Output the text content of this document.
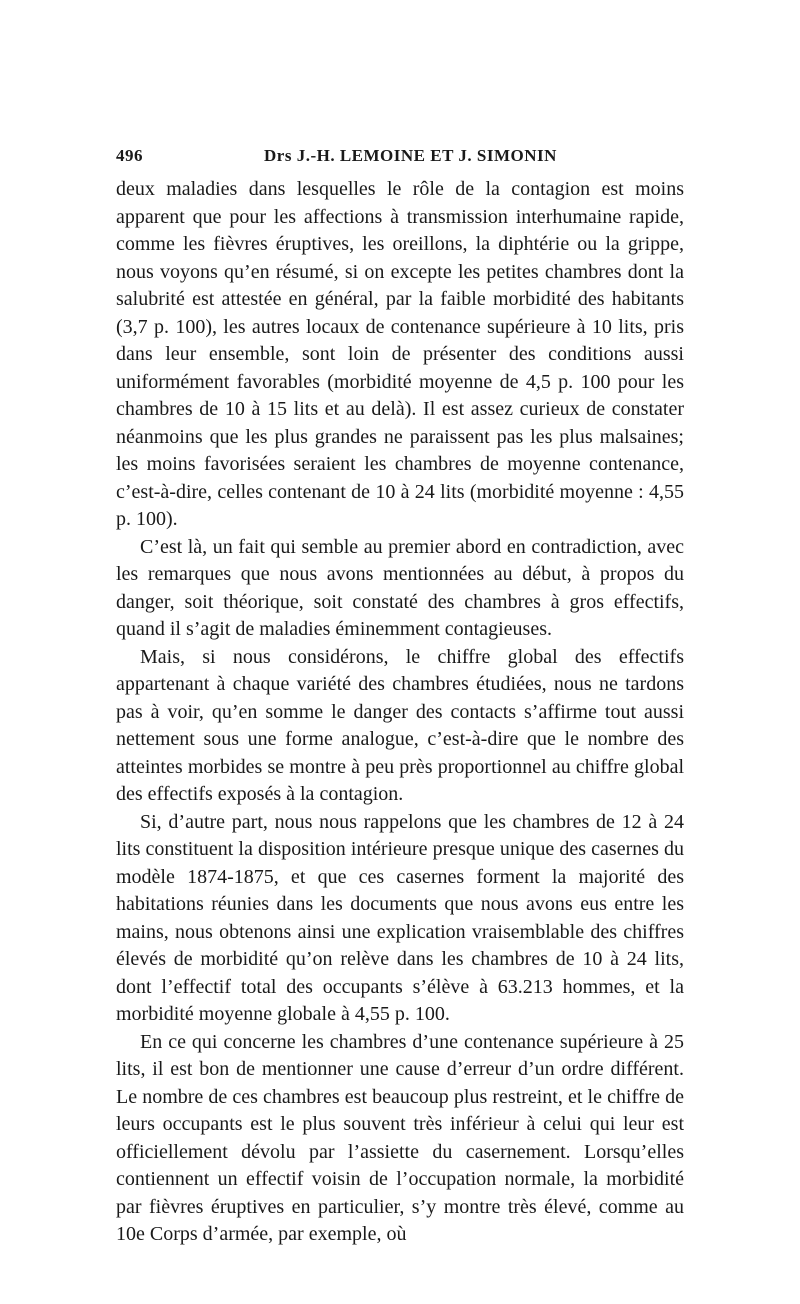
496	Drs J.-H. LEMOINE ET J. SIMONIN

deux maladies dans lesquelles le rôle de la contagion est moins apparent que pour les affections à transmission interhumaine rapide, comme les fièvres éruptives, les oreillons, la diphtérie ou la grippe, nous voyons qu’en résumé, si on excepte les petites chambres dont la salubrité est attestée en général, par la faible morbidité des habitants (3,7 p. 100), les autres locaux de contenance supérieure à 10 lits, pris dans leur ensemble, sont loin de présenter des conditions aussi uniformément favorables (morbidité moyenne de 4,5 p. 100 pour les chambres de 10 à 15 lits et au delà). Il est assez curieux de constater néanmoins que les plus grandes ne paraissent pas les plus malsaines; les moins favorisées seraient les chambres de moyenne contenance, c’est-à-dire, celles contenant de 10 à 24 lits (morbidité moyenne : 4,55 p. 100).

C’est là, un fait qui semble au premier abord en contradiction, avec les remarques que nous avons mentionnées au début, à propos du danger, soit théorique, soit constaté des chambres à gros effectifs, quand il s’agit de maladies éminemment contagieuses.

Mais, si nous considérons, le chiffre global des effectifs appartenant à chaque variété des chambres étudiées, nous ne tardons pas à voir, qu’en somme le danger des contacts s’affirme tout aussi nettement sous une forme analogue, c’est-à-dire que le nombre des atteintes morbides se montre à peu près proportionnel au chiffre global des effectifs exposés à la contagion.

Si, d’autre part, nous nous rappelons que les chambres de 12 à 24 lits constituent la disposition intérieure presque unique des casernes du modèle 1874-1875, et que ces casernes forment la majorité des habitations réunies dans les documents que nous avons eus entre les mains, nous obtenons ainsi une explication vraisemblable des chiffres élevés de morbidité qu’on relève dans les chambres de 10 à 24 lits, dont l’effectif total des occupants s’élève à 63.213 hommes, et la morbidité moyenne globale à 4,55 p. 100.

En ce qui concerne les chambres d’une contenance supérieure à 25 lits, il est bon de mentionner une cause d’erreur d’un ordre différent. Le nombre de ces chambres est beaucoup plus restreint, et le chiffre de leurs occupants est le plus souvent très inférieur à celui qui leur est officiellement dévolu par l’assiette du casernement. Lorsqu’elles contiennent un effectif voisin de l’occupation normale, la morbidité par fièvres éruptives en particulier, s’y montre très élevé, comme au 10e Corps d’armée, par exemple, où
